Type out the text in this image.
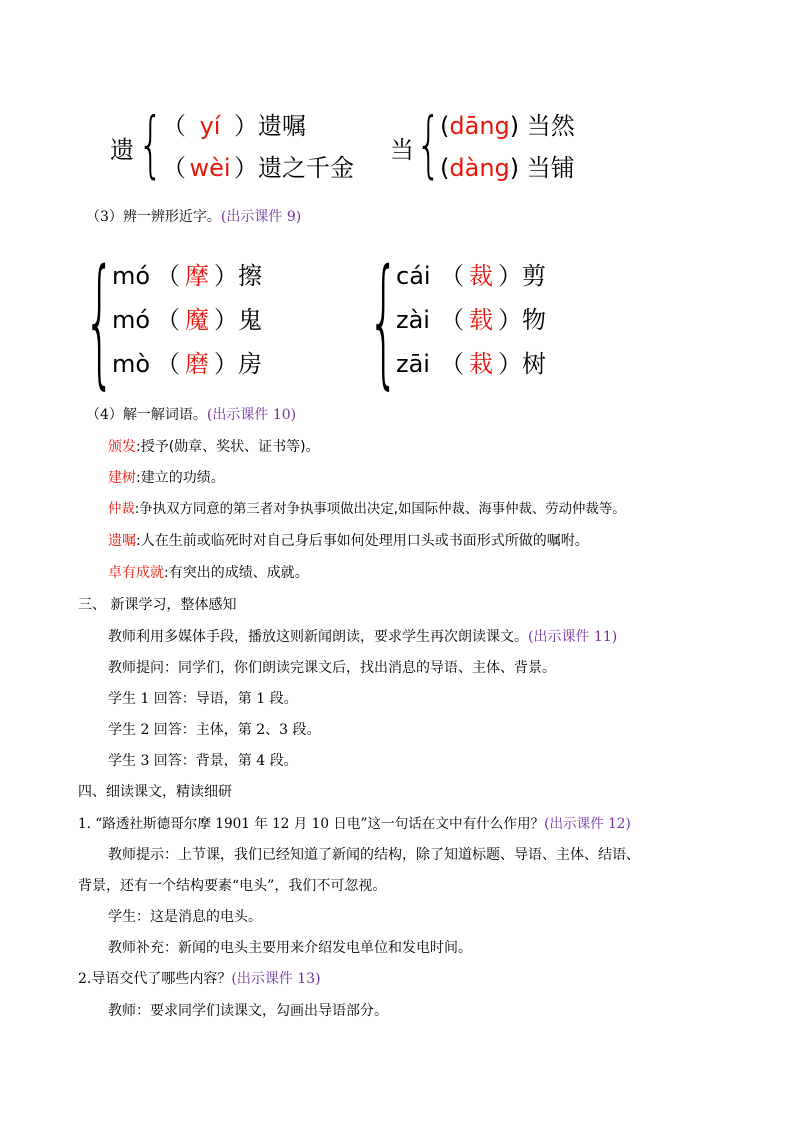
遗 {
（ yí ）遗嘱
（ wèi ）遗之千金
当 {
(dāng) 当然
(dàng) 当铺
（3）辨一辨形近字。(出示课件 9)
{
mó （ 摩 ）擦
mó （ 魔 ）鬼
mò （ 磨 ）房 {
cái （ 裁 ）剪
zài （ 载 ）物
zāi （ 栽 ）树
（4）解一解词语。(出示课件 10)
颁发:授予(勋章、奖状、证书等)。
建树:建立的功绩。
仲裁:争执双方同意的第三者对争执事项做出决定,如国际仲裁、海事仲裁、劳动仲裁等。
遗嘱:人在生前或临死时对自己身后事如何处理用口头或书面形式所做的嘱咐。
卓有成就:有突出的成绩、成就。
三、 新课学习，整体感知
教师利用多媒体手段，播放这则新闻朗读，要求学生再次朗读课文。(出示课件 11)
教师提问：同学们，你们朗读完课文后，找出消息的导语、主体、背景。
学生 1 回答：导语，第 1 段。
学生 2 回答：主体，第 2、3 段。
学生 3 回答：背景，第 4 段。
四、细读课文，精读细研
1. “路透社斯德哥尔摩 1901 年 12 月 10 日电”这一句话在文中有什么作用？(出示课件 12)
教师提示：上节课，我们已经知道了新闻的结构，除了知道标题、导语、主体、结语、
背景，还有一个结构要素“电头”，我们不可忽视。
学生：这是消息的电头。
教师补充：新闻的电头主要用来介绍发电单位和发电时间。
2.导语交代了哪些内容？(出示课件 13)
教师：要求同学们读课文，勾画出导语部分。
